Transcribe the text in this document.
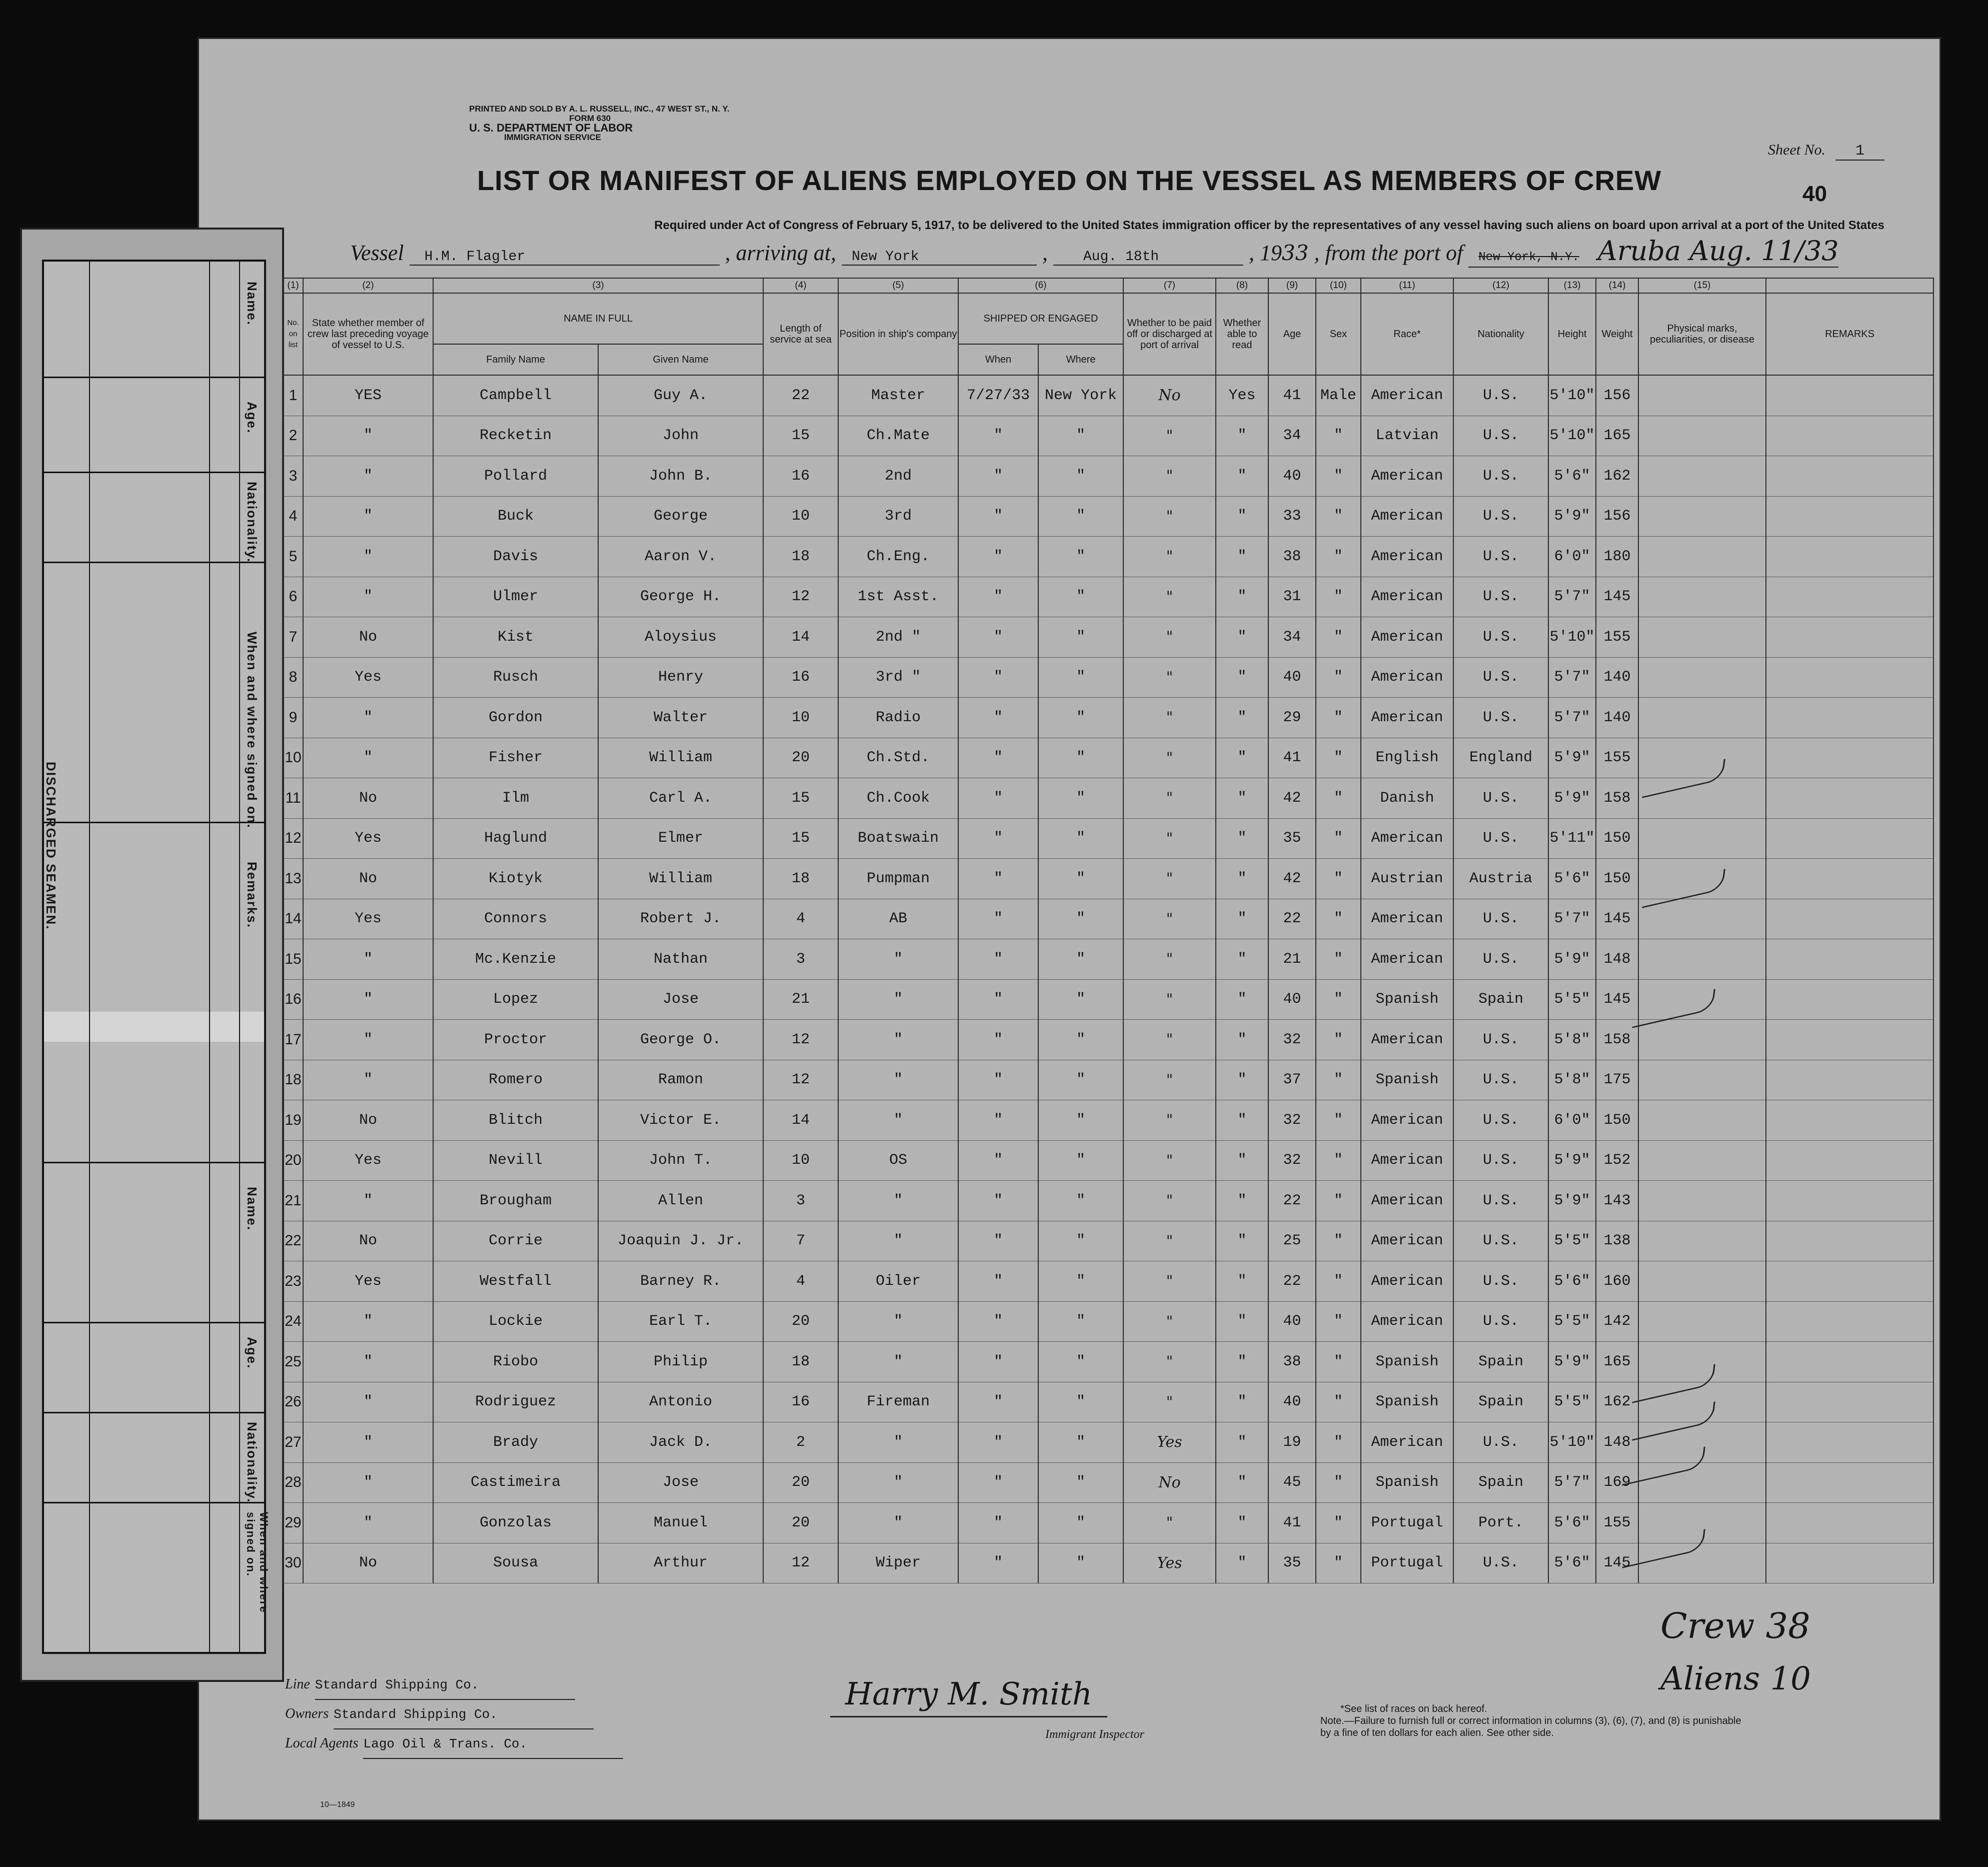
PRINTED AND SOLD BY A. L. RUSSELL, INC., 47 WEST ST., N. Y.
FORM 630
U. S. DEPARTMENT OF LABOR
IMMIGRATION SERVICE
Sheet No. 1
40
LIST OR MANIFEST OF ALIENS EMPLOYED ON THE VESSEL AS MEMBERS OF CREW
Required under Act of Congress of February 5, 1917, to be delivered to the United States immigration officer by the representatives of any vessel having such aliens on board upon arrival at a port of the United States
Vessel H.M. Flagler	, arriving at, New York	,	Aug. 18th	, 1933 , from the port of New York, N.Y. Aruba Aug. 11/33
DISCHARGED SEAMEN.
Name.
Age.
Nationality.
When and where signed on.
Remarks.
Name.
Age.
Nationality.
When and where signed on.
(1)	(2)	(3)		(4)	(5)	(6)		(7)	(8)	(9)	(10)	(11)	(12)	(13)	(14)	(15)	
No. on list	State whether member of crew last preceding voyage of vessel to U.S.	NAME IN FULL		Length of service at sea	Position in ship's company	SHIPPED OR ENGAGED		Whether to be paid off or discharged at port of arrival	Whether able to read	Age	Sex	Race*	Nationality	Height	Weight	Physical marks, peculiarities, or disease	REMARKS
		Family Name	Given Name			When	Where										
1	YES	Campbell	Guy A.	22	Master	7/27/33	New York	No	Yes	41	Male	American	U.S.	5'10"	156		
2	"	Recketin	John	15	Ch.Mate	"	"	"	"	34	"	Latvian	U.S.	5'10"	165		
3	"	Pollard	John B.	16	2nd	"	"	"	"	40	"	American	U.S.	5'6"	162		
4	"	Buck	George	10	3rd	"	"	"	"	33	"	American	U.S.	5'9"	156		
5	"	Davis	Aaron V.	18	Ch.Eng.	"	"	"	"	38	"	American	U.S.	6'0"	180		
6	"	Ulmer	George H.	12	1st Asst.	"	"	"	"	31	"	American	U.S.	5'7"	145		
7	No	Kist	Aloysius	14	2nd "	"	"	"	"	34	"	American	U.S.	5'10"	155		
8	Yes	Rusch	Henry	16	3rd "	"	"	"	"	40	"	American	U.S.	5'7"	140		
9	"	Gordon	Walter	10	Radio	"	"	"	"	29	"	American	U.S.	5'7"	140		
10	"	Fisher	William	20	Ch.Std.	"	"	"	"	41	"	English	England	5'9"	155		
11	No	Ilm	Carl A.	15	Ch.Cook	"	"	"	"	42	"	Danish	U.S.	5'9"	158		
12	Yes	Haglund	Elmer	15	Boatswain	"	"	"	"	35	"	American	U.S.	5'11"	150		
13	No	Kiotyk	William	18	Pumpman	"	"	"	"	42	"	Austrian	Austria	5'6"	150		
14	Yes	Connors	Robert J.	4	AB	"	"	"	"	22	"	American	U.S.	5'7"	145		
15	"	Mc.Kenzie	Nathan	3	"	"	"	"	"	21	"	American	U.S.	5'9"	148		
16	"	Lopez	Jose	21	"	"	"	"	"	40	"	Spanish	Spain	5'5"	145		
17	"	Proctor	George O.	12	"	"	"	"	"	32	"	American	U.S.	5'8"	158		
18	"	Romero	Ramon	12	"	"	"	"	"	37	"	Spanish	U.S.	5'8"	175		
19	No	Blitch	Victor E.	14	"	"	"	"	"	32	"	American	U.S.	6'0"	150		
20	Yes	Nevill	John T.	10	OS	"	"	"	"	32	"	American	U.S.	5'9"	152		
21	"	Brougham	Allen	3	"	"	"	"	"	22	"	American	U.S.	5'9"	143		
22	No	Corrie	Joaquin J. Jr.	7	"	"	"	"	"	25	"	American	U.S.	5'5"	138		
23	Yes	Westfall	Barney R.	4	Oiler	"	"	"	"	22	"	American	U.S.	5'6"	160		
24	"	Lockie	Earl T.	20	"	"	"	"	"	40	"	American	U.S.	5'5"	142		
25	"	Riobo	Philip	18	"	"	"	"	"	38	"	Spanish	Spain	5'9"	165		
26	"	Rodriguez	Antonio	16	Fireman	"	"	"	"	40	"	Spanish	Spain	5'5"	162		
27	"	Brady	Jack D.	2	"	"	"	Yes	"	19	"	American	U.S.	5'10"	148		
28	"	Castimeira	Jose	20	"	"	"	No	"	45	"	Spanish	Spain	5'7"	169		
29	"	Gonzolas	Manuel	20	"	"	"	"	"	41	"	Portugal	Port.	5'6"	155		
30	No	Sousa	Arthur	12	Wiper	"	"	Yes	"	35	"	Portugal	U.S.	5'6"	145		
Crew 38
Aliens 10
Line Standard Shipping Co.
Owners Standard Shipping Co.
Local Agents Lago Oil & Trans. Co.
Harry M. Smith
Immigrant Inspector
*See list of races on back hereof.
Note.—Failure to furnish full or correct information in columns (3), (6), (7), and (8) is punishable by a fine of ten dollars for each alien. See other side.
10—1849
